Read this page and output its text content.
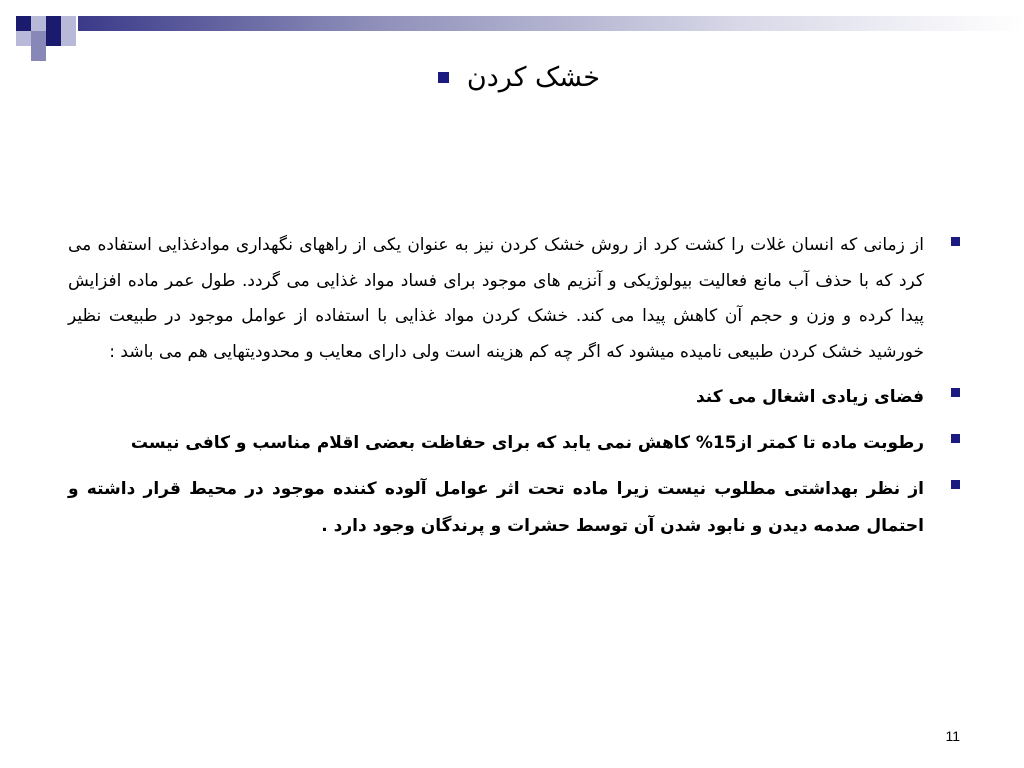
خشک کردن
از زمانی که انسان غلات را کشت کرد از روش خشک کردن نیز به عنوان یکی از راههای نگهداری موادغذایی استفاده می کرد که با حذف آب مانع فعالیت بیولوژیکی و آنزیم های موجود برای فساد مواد غذایی می گردد. طول عمر ماده افزایش پیدا کرده و وزن و حجم آن کاهش پیدا می کند. خشک کردن مواد غذایی با استفاده از عوامل موجود در طبیعت نظیر خورشید خشک کردن طبیعی نامیده میشود که اگر چه کم هزینه است ولی دارای معایب و محدودیتهایی هم می باشد :
فضای زیادی اشغال می کند
رطوبت ماده تا کمتر از15% کاهش نمی یابد که برای حفاظت بعضی اقلام مناسب و کافی نیست
از نظر بهداشتی مطلوب نیست زیرا ماده تحت اثر عوامل آلوده کننده موجود در محیط قرار داشته و احتمال صدمه دیدن و نابود شدن آن توسط حشرات و پرندگان وجود دارد .
11
